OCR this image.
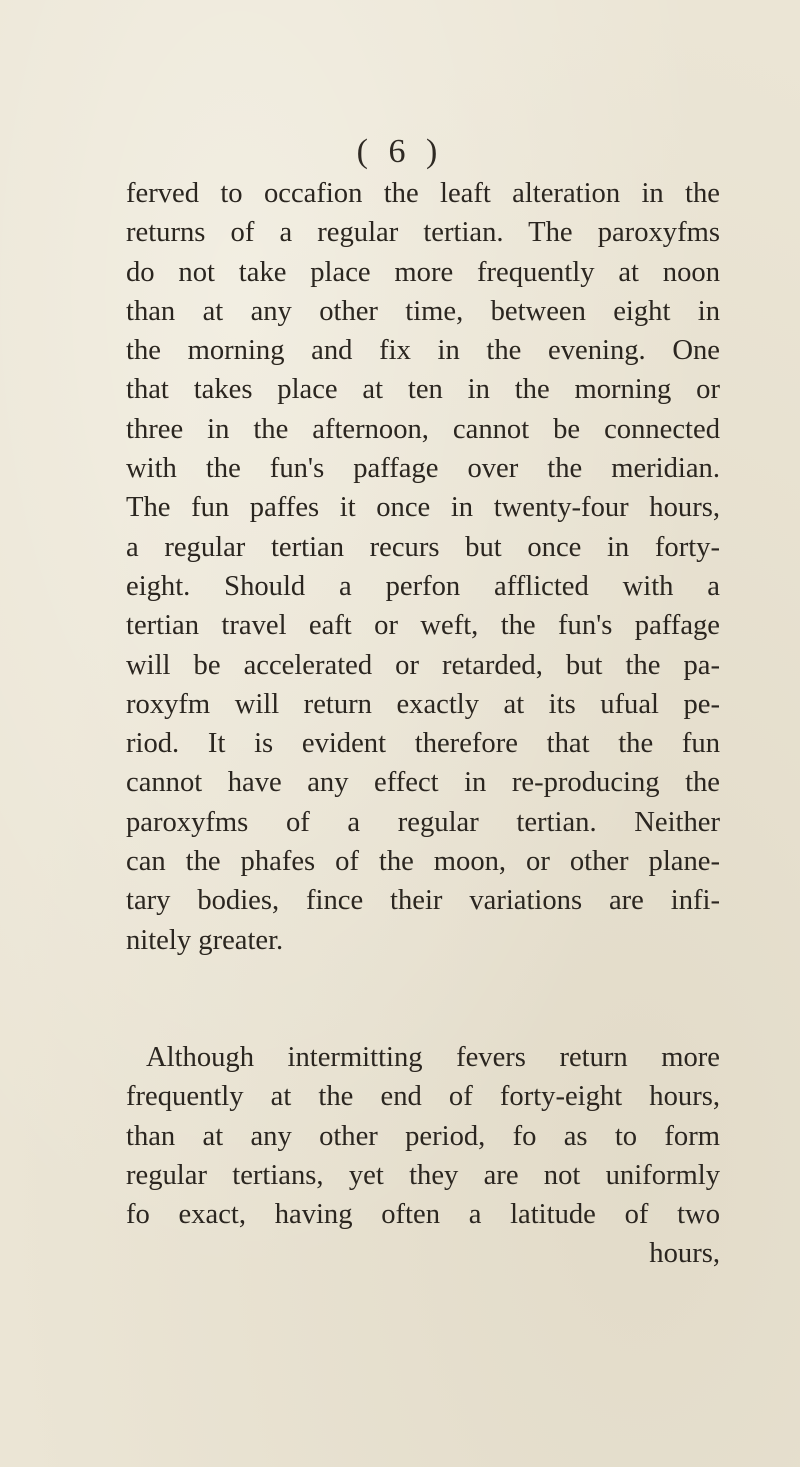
( 6 )
ferved to occafion the leaft alteration in the
returns of a regular tertian. The paroxyfms
do not take place more frequently at noon
than at any other time, between eight in
the morning and fix in the evening. One
that takes place at ten in the morning or
three in the afternoon, cannot be connected
with the fun's paffage over the meridian.
The fun paffes it once in twenty-four hours,
a regular tertian recurs but once in forty-
eight. Should a perfon afflicted with a
tertian travel eaft or weft, the fun's paffage
will be accelerated or retarded, but the pa-
roxyfm will return exactly at its ufual pe-
riod. It is evident therefore that the fun
cannot have any effect in re-producing the
paroxyfms of a regular tertian. Neither
can the phafes of the moon, or other plane-
tary bodies, fince their variations are infi-
nitely greater.
Although intermitting fevers return more
frequently at the end of forty-eight hours,
than at any other period, fo as to form
regular tertians, yet they are not uniformly
fo exact, having often a latitude of two
hours,
